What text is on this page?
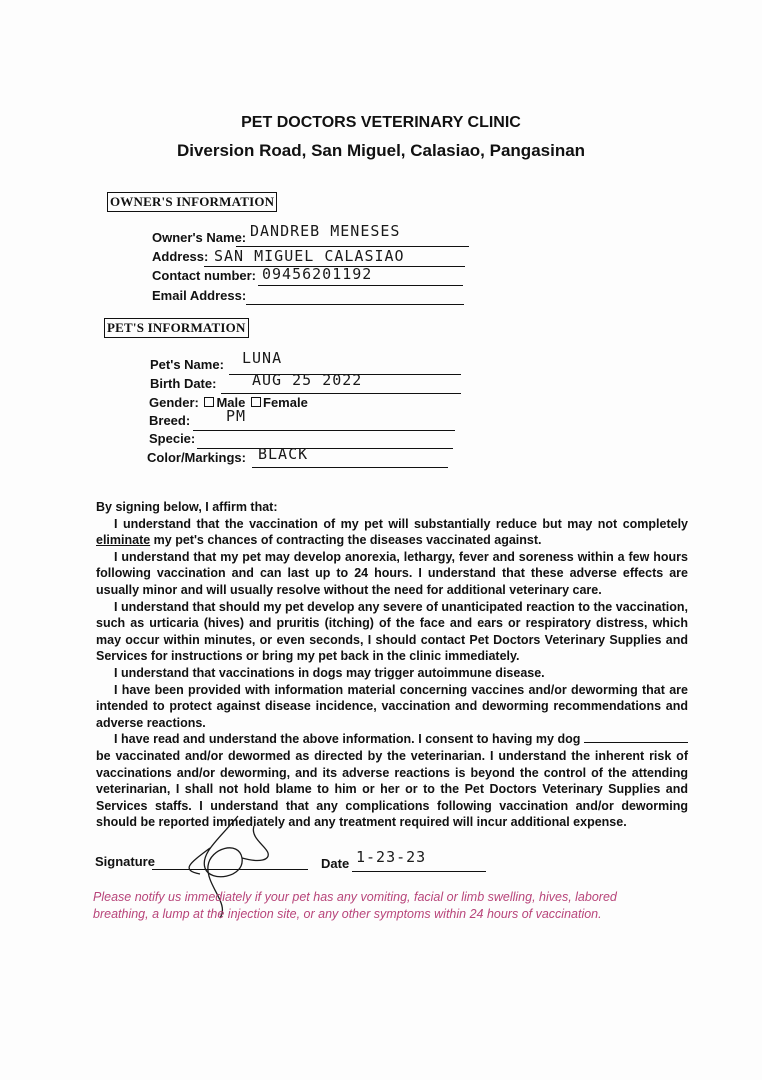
PET DOCTORS VETERINARY CLINIC
Diversion Road, San Miguel, Calasiao, Pangasinan
OWNER'S INFORMATION
Owner's Name: DANDREB MENESES
Address: SAN MIGUEL CALASIAO
Contact number: 09456201192
Email Address:
PET'S INFORMATION
Pet's Name: LUNA
Birth Date: AUG 25 2022
Gender: Male Female
Breed: PM
Specie:
Color/Markings: BLACK

By signing below, I affirm that:

I understand that the vaccination of my pet will substantially reduce but may not completely eliminate my pet's chances of contracting the diseases vaccinated against.

I understand that my pet may develop anorexia, lethargy, fever and soreness within a few hours following vaccination and can last up to 24 hours. I understand that these adverse effects are usually minor and will usually resolve without the need for additional veterinary care.

I understand that should my pet develop any severe of unanticipated reaction to the vaccination, such as urticaria (hives) and pruritis (itching) of the face and ears or respiratory distress, which may occur within minutes, or even seconds, I should contact Pet Doctors Veterinary Supplies and Services for instructions or bring my pet back in the clinic immediately.

I understand that vaccinations in dogs may trigger autoimmune disease.

I have been provided with information material concerning vaccines and/or deworming that are intended to protect against disease incidence, vaccination and deworming recommendations and adverse reactions.

I have read and understand the above information. I consent to having my dog  be vaccinated and/or dewormed as directed by the veterinarian. I understand the inherent risk of vaccinations and/or deworming, and its adverse reactions is beyond the control of the attending veterinarian, I shall not hold blame to him or her or to the Pet Doctors Veterinary Supplies and Services staffs. I understand that any complications following vaccination and/or deworming should be reported immediately and any treatment required will incur additional expense.

Signature	Date 1-23-23
Please notify us immediately if your pet has any vomiting, facial or limb swelling, hives, labored breathing, a lump at the injection site, or any other symptoms within 24 hours of vaccination.
